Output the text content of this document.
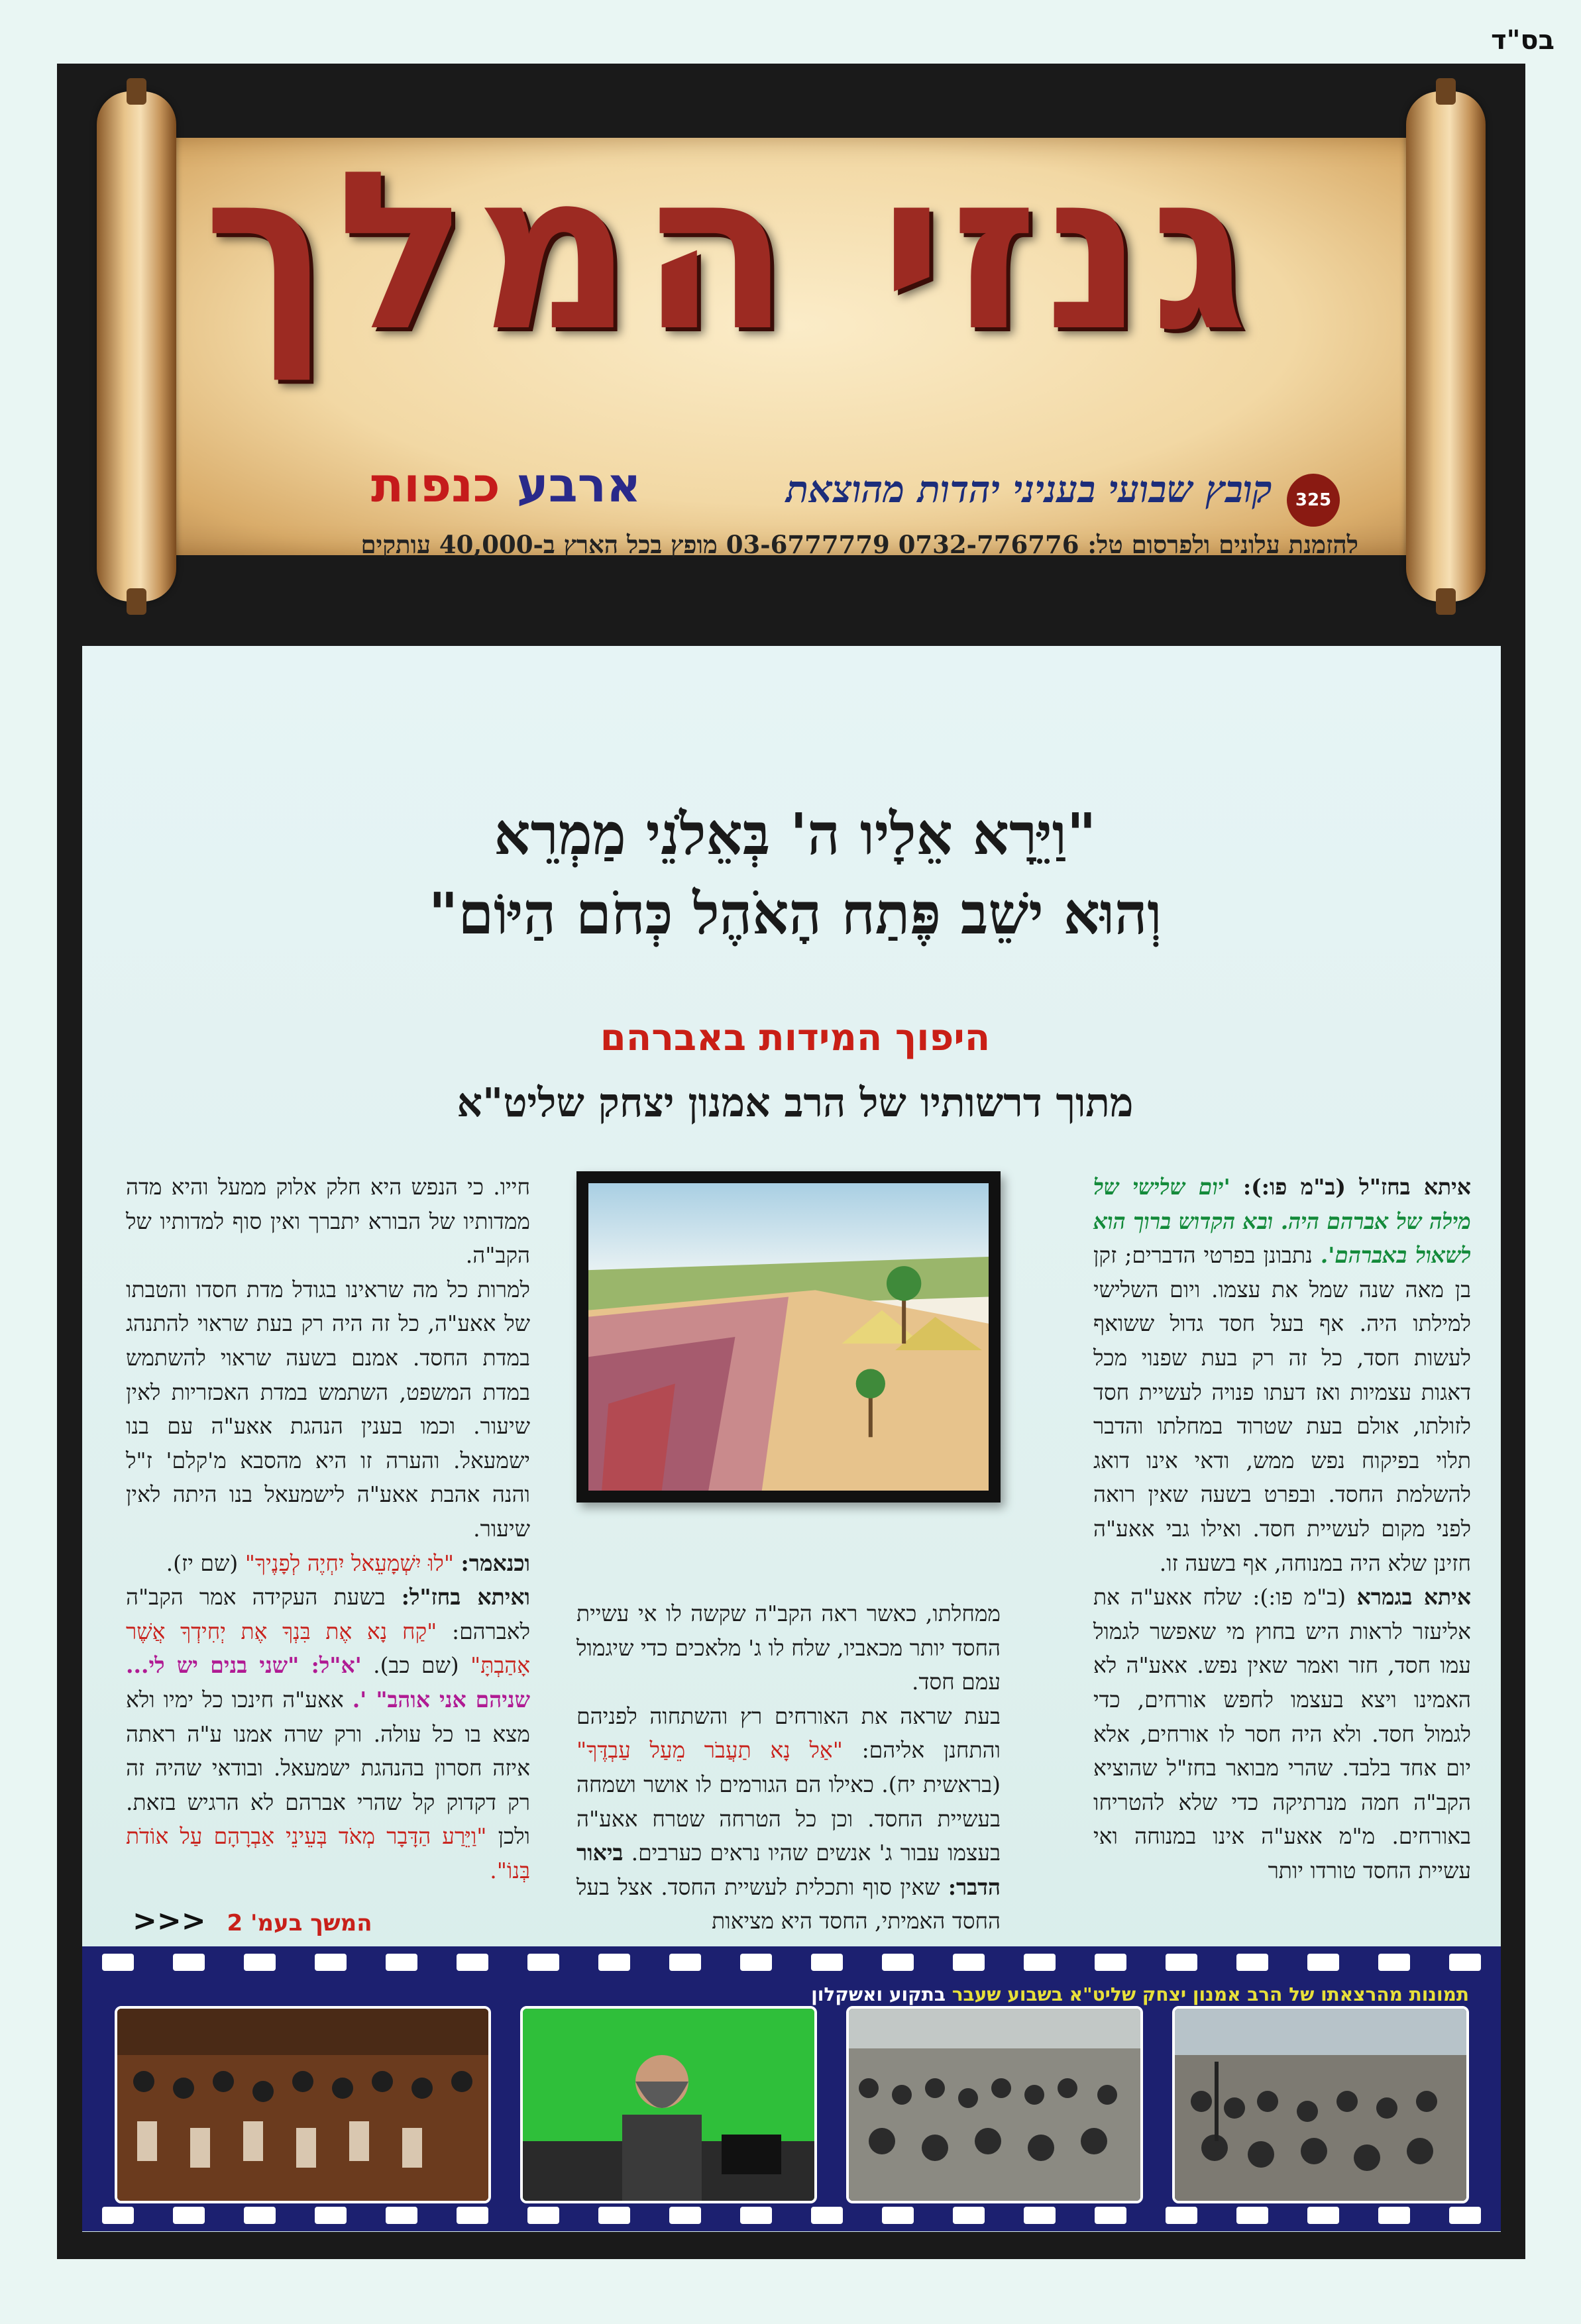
בס"ד
גנזי המלך
325
קובץ שבועי בעניני יהדות מהוצאת
ארבע כנפות
להזמנת עלונים ולפרסום טל: 0732-776776 03-6777779 מופץ בכל הארץ ב-40,000 עותקים
"וַיֵּרָא אֵלָיו ה' בְּאֵלֹנֵי מַמְרֵא
וְהוּא ישֵׁב פֶּתַח הָאֹהֶל כְּחֹם הַיּוֹם"
היפוך המידות באברהם
מתוך דרשותיו של הרב אמנון יצחק שליט"א

איתא בחז"ל (ב"מ פו:): 'יום שלישי של מילה של אברהם היה. ובא הקדוש ברוך הוא לשאול באברהם'. נתבונן בפרטי הדברים; זקן בן מאה שנה שמל את עצמו. ויום השלישי למילתו היה. אף בעל חסד גדול ששואף לעשות חסד, כל זה רק בעת שפנוי מכל דאגות עצמיות ואז דעתו פנויה לעשיית חסד לזולתו, אולם בעת שטרוד במחלתו והדבר תלוי בפיקוח נפש ממש, ודאי אינו דואג להשלמת החסד. ובפרט בשעה שאין רואה לפני מקום לעשיית חסד. ואילו גבי אאע"ה חזינן שלא היה במנוחה, אף בשעה זו.

איתא בגמרא (ב"מ פו:): שלח אאע"ה את אליעזר לראות היש בחוץ מי שאפשר לגמול עמו חסד, חזר ואמר שאין נפש. אאע"ה לא האמינו ויצא בעצמו לחפש אורחים, כדי לגמול חסד. ולא היה חסר לו אורחים, אלא יום אחד בלבד. שהרי מבואר בחז"ל שהוציא הקב"ה חמה מנרתיקה כדי שלא להטריחו באורחים. מ"מ אאע"ה אינו במנוחה ואי עשיית החסד טורדו יותר

ממחלתו, כאשר ראה הקב"ה שקשה לו אי עשיית החסד יותר מכאביו, שלח לו ג' מלאכים כדי שיגמול עמם חסד.

בעת שראה את האורחים רץ והשתחוה לפניהם והתחנן אליהם: "אַל נָא תַעֲבֹר מֵעַל עַבְדֶּךָ" (בראשית יח). כאילו הם הגורמים לו אושר ושמחה בעשיית החסד. וכן כל הטרחה שטרח אאע"ה בעצמו עבור ג' אנשים שהיו נראים כערבים. ביאור הדבר: שאין סוף ותכלית לעשיית החסד. אצל בעל החסד האמיתי, החסד היא מציאות

חייו. כי הנפש היא חלק אלוק ממעל והיא מדה ממדותיו של הבורא יתברך ואין סוף למדותיו של הקב"ה.

למרות כל מה שראינו בגודל מדת חסדו והטבתו של אאע"ה, כל זה היה רק בעת שראוי להתנהג במדת החסד. אמנם בשעה שראוי להשתמש במדת המשפט, השתמש במדת האכזריות לאין שיעור. וכמו בענין הנהגת אאע"ה עם בנו ישמעאל. והערה זו היא מהסבא מ'קלם' ז"ל והנה אהבת אאע"ה לישמעאל בנו היתה לאין שיעור.

וכנאמר: "לוּ יִשְׁמָעֵאל יִחְיֶה לְפָנֶיךָ" (שם יז).

ואיתא בחז"ל: בשעת העקידה אמר הקב"ה לאברהם: "קַח נָא אֶת בִּנְךָ אֶת יְחִידְךָ אֲשֶׁר אָהַבְתָּ" (שם כב). 'א"ל: "שני בנים יש לי... שניהם אני אוהב" '. אאע"ה חינכו כל ימיו ולא מצא בו כל עולה. ורק שרה אמנו ע"ה ראתה איזה חסרון בהנהגת ישמעאל. ובודאי שהיה זה רק דקדוק קל שהרי אברהם לא הרגיש בזאת. ולכן "וַיֵּרַע הַדָּבָר מְאֹד בְּעֵינֵי אַבְרָהָם עַל אוֹדֹת בְּנוֹ".

המשך בעמ' 2 <<<
תמונות מהרצאתו של הרב אמנון יצחק שליט"א בשבוע שעבר בתקוע ואשקלון
